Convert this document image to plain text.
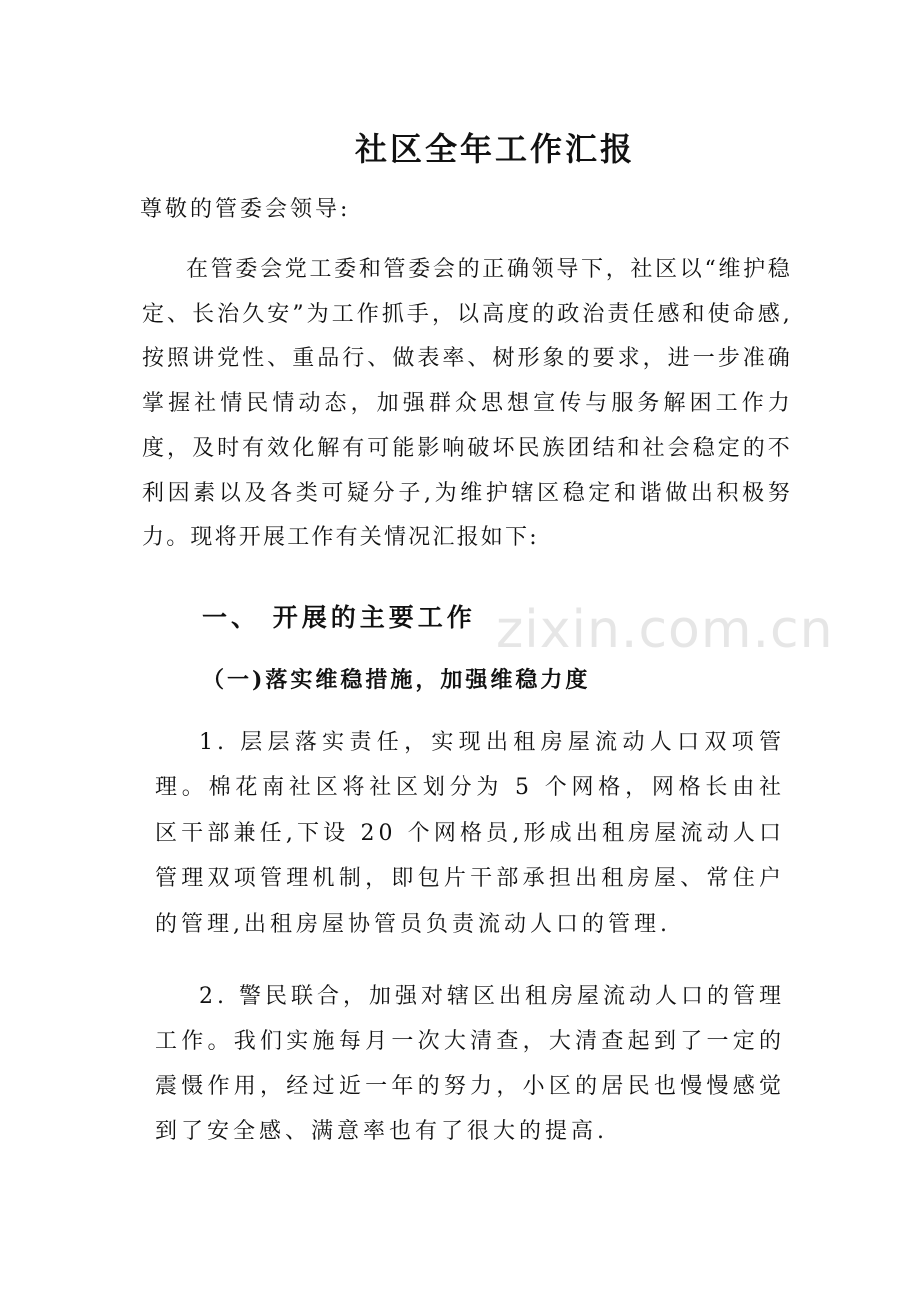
社区全年工作汇报
尊敬的管委会领导:

在管委会党工委和管委会的正确领导下，社区以“维护稳定、长治久安”为工作抓手，以高度的政治责任感和使命感,按照讲党性、重品行、做表率、树形象的要求，进一步准确掌握社情民情动态，加强群众思想宣传与服务解困工作力度，及时有效化解有可能影响破坏民族团结和社会稳定的不利因素以及各类可疑分子,为维护辖区稳定和谐做出积极努力。现将开展工作有关情况汇报如下:

一、 开展的主要工作
（一)落实维稳措施，加强维稳力度

1. 层层落实责任，实现出租房屋流动人口双项管理。棉花南社区将社区划分为 5 个网格，网格长由社区干部兼任,下设 20 个网格员,形成出租房屋流动人口管理双项管理机制，即包片干部承担出租房屋、常住户的管理,出租房屋协管员负责流动人口的管理.

2. 警民联合，加强对辖区出租房屋流动人口的管理工作。我们实施每月一次大清查，大清查起到了一定的震慑作用，经过近一年的努力，小区的居民也慢慢感觉到了安全感、满意率也有了很大的提高.

zixin.com.cn
